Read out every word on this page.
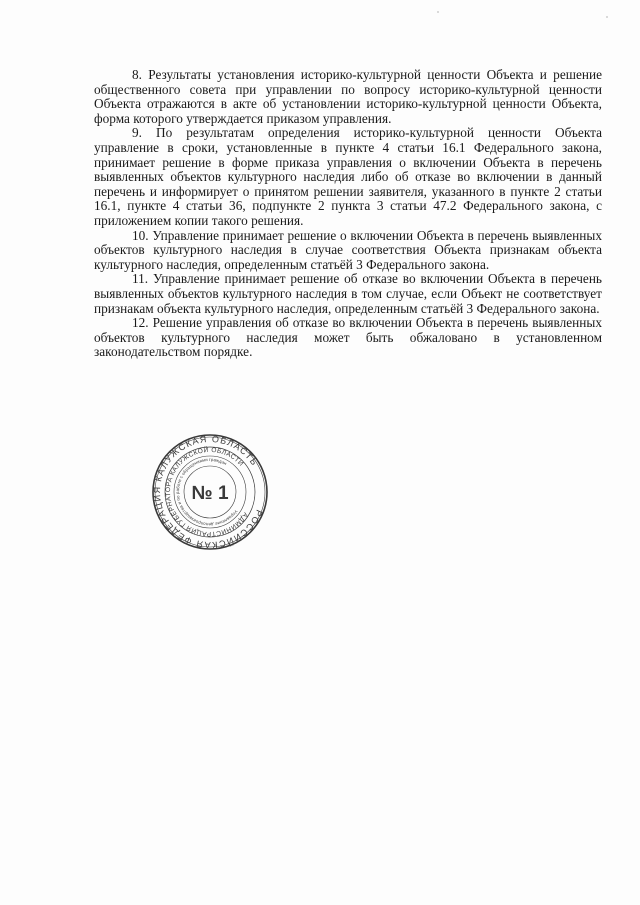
8. Результаты установления историко-культурной ценности Объекта и решение общественного совета при управлении по вопросу историко-культурной ценности Объекта отражаются в акте об установлении историко-культурной ценности Объекта, форма которого утверждается приказом управления.

9. По результатам определения историко-культурной ценности Объекта управление в сроки, установленные в пункте 4 статьи 16.1 Федерального закона, принимает решение в форме приказа управления о включении Объекта в перечень выявленных объектов культурного наследия либо об отказе во включении в данный перечень и информирует о принятом решении заявителя, указанного в пункте 2 статьи 16.1, пункте 4 статьи 36, подпункте 2 пункта 3 статьи 47.2 Федерального закона, с приложением копии такого решения.

10. Управление принимает решение о включении Объекта в перечень выявленных объектов культурного наследия в случае соответствия Объекта признакам объекта культурного наследия, определенным статьёй 3 Федерального закона.

11. Управление принимает решение об отказе во включении Объекта в перечень выявленных объектов культурного наследия в том случае, если Объект не соответствует признакам объекта культурного наследия, определенным статьёй 3 Федерального закона.

12. Решение управления об отказе во включении Объекта в перечень выявленных объектов культурного наследия может быть обжаловано в установленном законодательством порядке.

РОССИЙСКАЯ ФЕДЕРАЦИЯ КАЛУЖСКАЯ ОБЛАСТЬ
АДМИНИСТРАЦИЯ ГУБЕРНАТОРА КАЛУЖСКОЙ ОБЛАСТИ
Управление делопроизводства и по работе с обращениями граждан
№ 1
